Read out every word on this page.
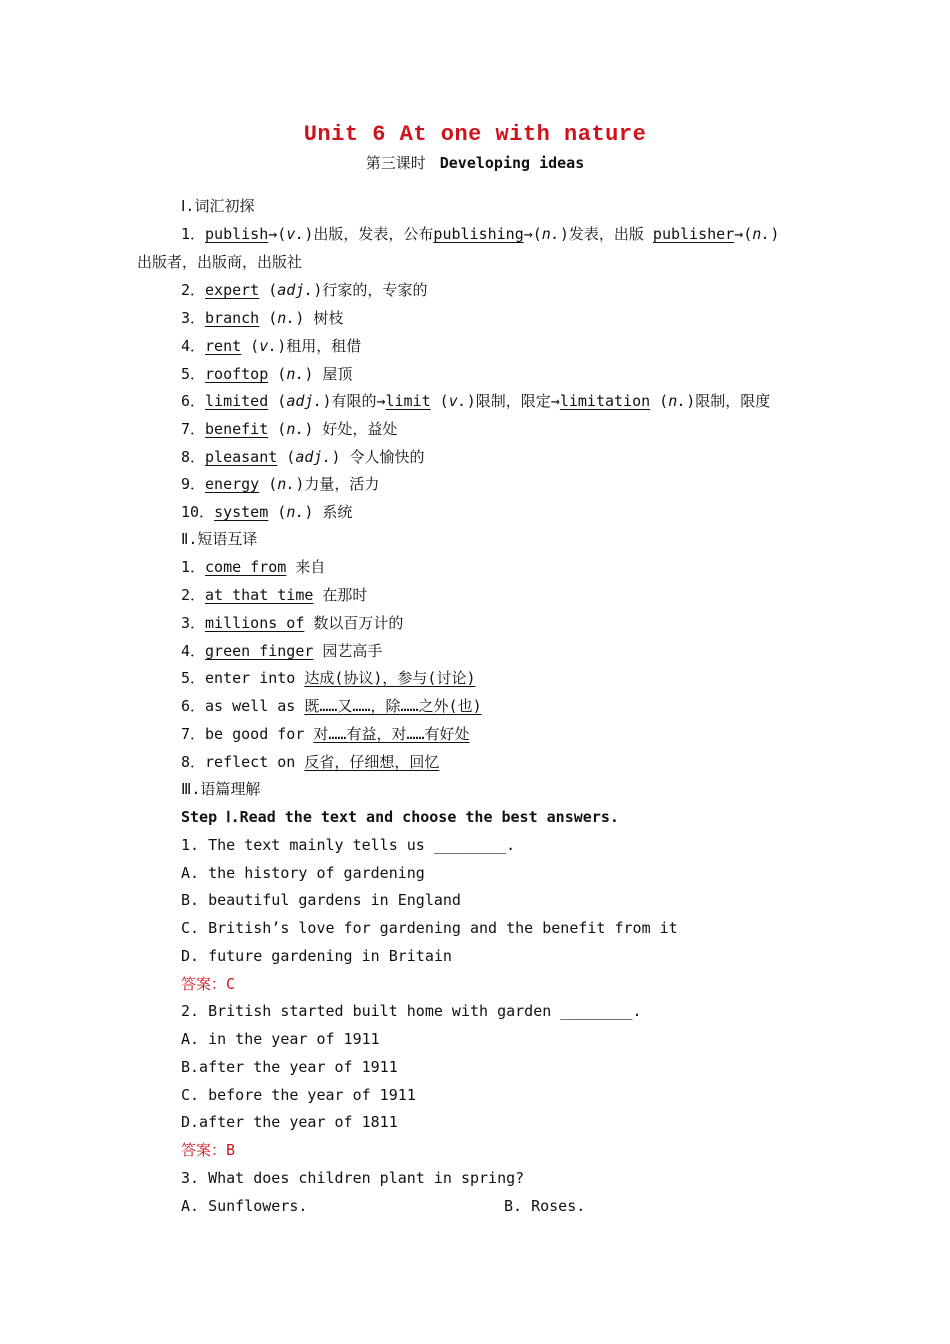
Unit 6 At one with nature
第三课时 Developing ideas
Ⅰ.词汇初探
1．publish→(v.)出版，发表，公布publishing→(n.)发表，出版 publisher→(n.)
出版者，出版商，出版社
2．expert (adj.)行家的，专家的
3．branch (n.) 树枝
4．rent (v.)租用，租借
5．rooftop (n.) 屋顶
6．limited (adj.)有限的→limit (v.)限制，限定→limitation (n.)限制，限度
7．benefit (n.) 好处，益处
8．pleasant (adj.) 令人愉快的
9．energy (n.)力量，活力
10．system (n.) 系统
Ⅱ.短语互译
1．come from 来自
2．at that time 在那时
3．millions of 数以百万计的
4．green finger 园艺高手
5．enter into 达成(协议)，参与(讨论)
6．as well as 既……又……，除……之外(也)
7．be good for 对……有益，对……有好处
8．reflect on 反省，仔细想，回忆
Ⅲ.语篇理解
Step Ⅰ.Read the text and choose the best answers.
1. The text mainly tells us ________.
A. the history of gardening
B. beautiful gardens in England
C. British’s love for gardening and the benefit from it
D. future gardening in Britain
答案：C
2. British started built home with garden ________.
A. in the year of 1911
B.after the year of 1911
C. before the year of 1911
D.after the year of 1811
答案：B
3. What does children plant in spring?
A. Sunflowers.	B. Roses.
